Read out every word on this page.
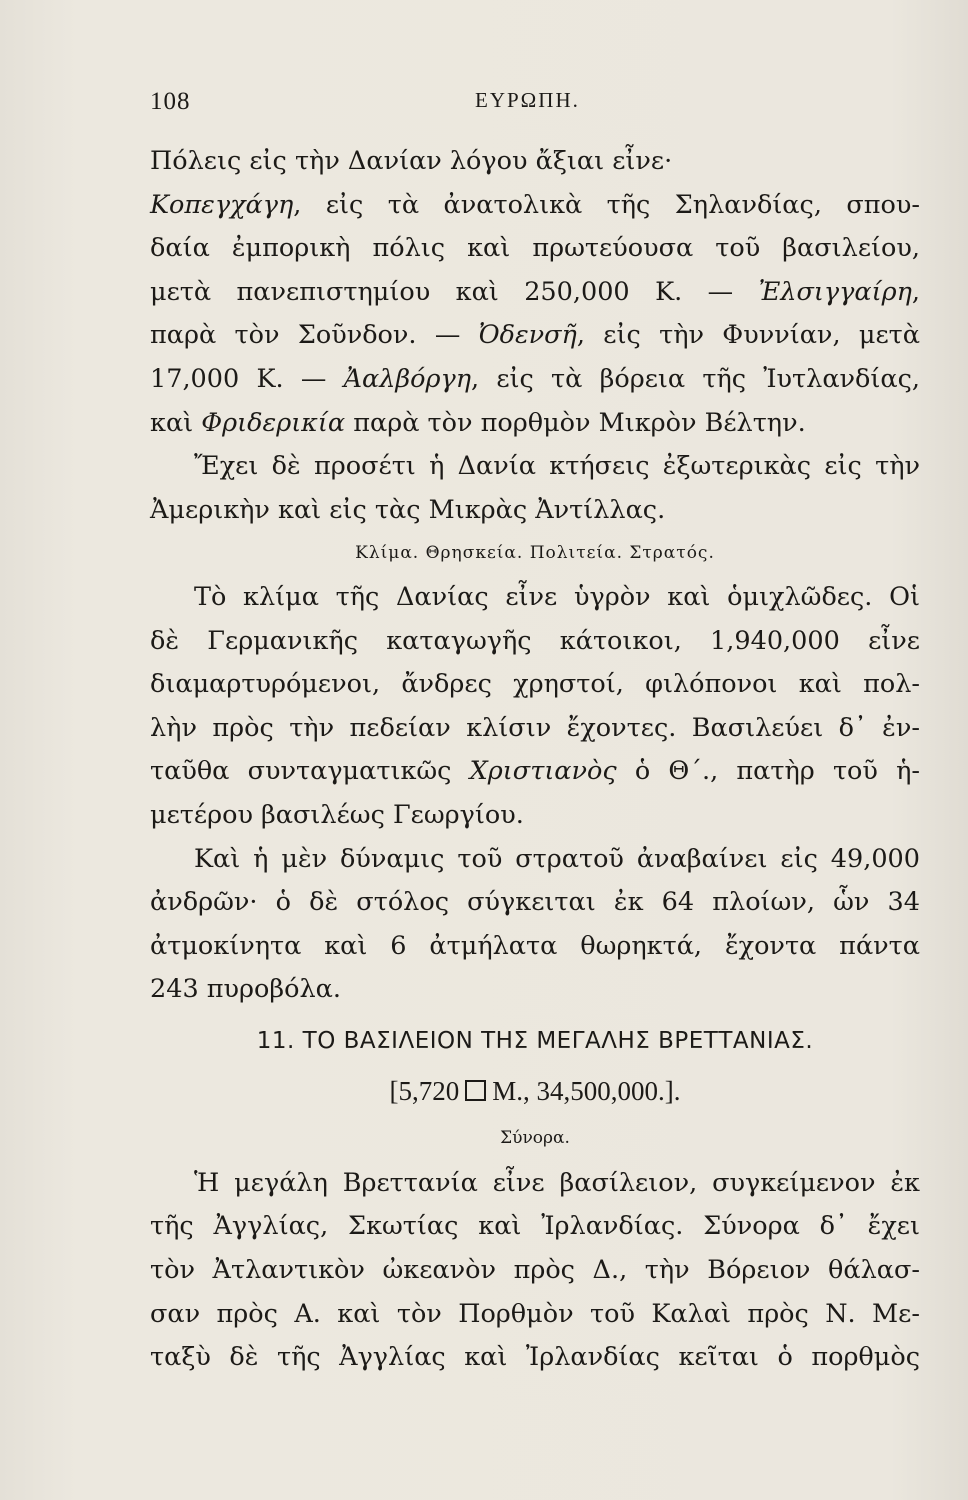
108	ΕΥΡΩΠΗ.
Πόλεις εἰς τὴν Δανίαν λόγου ἄξιαι εἶνε·
Κοπεγχάγη, εἰς τὰ ἀνατολικὰ τῆς Σηλανδίας, σπου-
δαία ἐμπορικὴ πόλις καὶ πρωτεύουσα τοῦ βασιλείου,
μετὰ πανεπιστημίου καὶ 250,000 Κ. — Ἐλσιγγαίρη,
παρὰ τὸν Σοῦνδον. — Ὀδενσῆ, εἰς τὴν Φυννίαν, μετὰ
17,000 Κ. — Ἀαλβόργη, εἰς τὰ βόρεια τῆς Ἰυτλανδίας,
καὶ Φριδερικία παρὰ τὸν πορθμὸν Μικρὸν Βέλτην.
Ἔχει δὲ προσέτι ἡ Δανία κτήσεις ἐξωτερικὰς εἰς τὴν
Ἀμερικὴν καὶ εἰς τὰς Μικρὰς Ἀντίλλας.
Κλίμα. Θρησκεία. Πολιτεία. Στρατός.
Τὸ κλίμα τῆς Δανίας εἶνε ὑγρὸν καὶ ὁμιχλῶδες. Οἱ
δὲ Γερμανικῆς καταγωγῆς κάτοικοι, 1,940,000 εἶνε
διαμαρτυρόμενοι, ἄνδρες χρηστοί, φιλόπονοι καὶ πολ-
λὴν πρὸς τὴν πεδείαν κλίσιν ἔχοντες. Βασιλεύει δ᾽ ἐν-
ταῦθα συνταγματικῶς Χριστιανὸς ὁ Θ΄., πατὴρ τοῦ ἡ-
μετέρου βασιλέως Γεωργίου.
Καὶ ἡ μὲν δύναμις τοῦ στρατοῦ ἀναβαίνει εἰς 49,000
ἀνδρῶν· ὁ δὲ στόλος σύγκειται ἐκ 64 πλοίων, ὧν 34
ἀτμοκίνητα καὶ 6 ἀτμήλατα θωρηκτά, ἔχοντα πάντα
243 πυροβόλα.
11. ΤΟ ΒΑΣΙΛΕΙΟΝ ΤΗΣ ΜΕΓΑΛΗΣ ΒΡΕΤΤΑΝΙΑΣ.
[5,720 Μ., 34,500,000.].
Σύνορα.
Ἡ μεγάλη Βρεττανία εἶνε βασίλειον, συγκείμενον ἐκ
τῆς Ἀγγλίας, Σκωτίας καὶ Ἰρλανδίας. Σύνορα δ᾽ ἔχει
τὸν Ἀτλαντικὸν ὠκεανὸν πρὸς Δ., τὴν Βόρειον θάλασ-
σαν πρὸς Α. καὶ τὸν Πορθμὸν τοῦ Καλαὶ πρὸς Ν. Με-
ταξὺ δὲ τῆς Ἀγγλίας καὶ Ἰρλανδίας κεῖται ὁ πορθμὸς
